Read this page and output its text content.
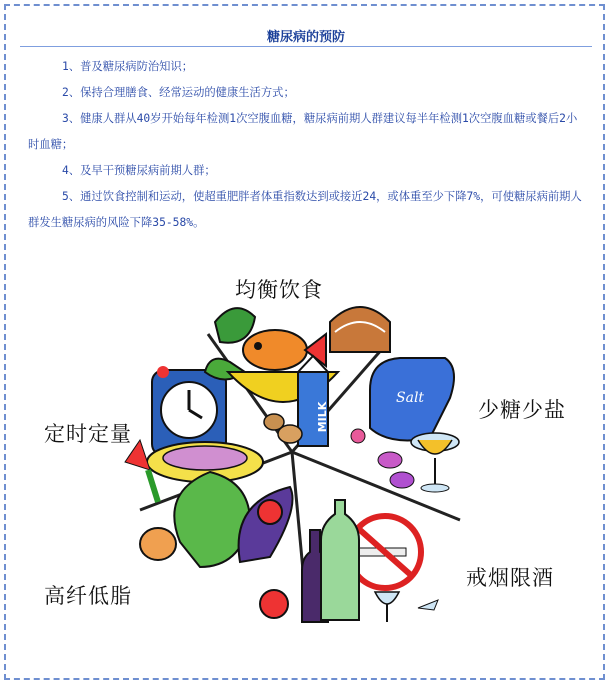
糖尿病的预防

1、普及糖尿病防治知识；

2、保持合理膳食、经常运动的健康生活方式；

3、健康人群从40岁开始每年检测1次空腹血糖，糖尿病前期人群建议每半年检测1次空腹血糖或餐后2小时血糖；

4、及早干预糖尿病前期人群；

5、通过饮食控制和运动，使超重肥胖者体重指数达到或接近24，或体重至少下降7%，可使糖尿病前期人群发生糖尿病的风险下降35-58%。

MILK
Salt
均衡饮食
少糖少盐
定时定量
高纤低脂
戒烟限酒
